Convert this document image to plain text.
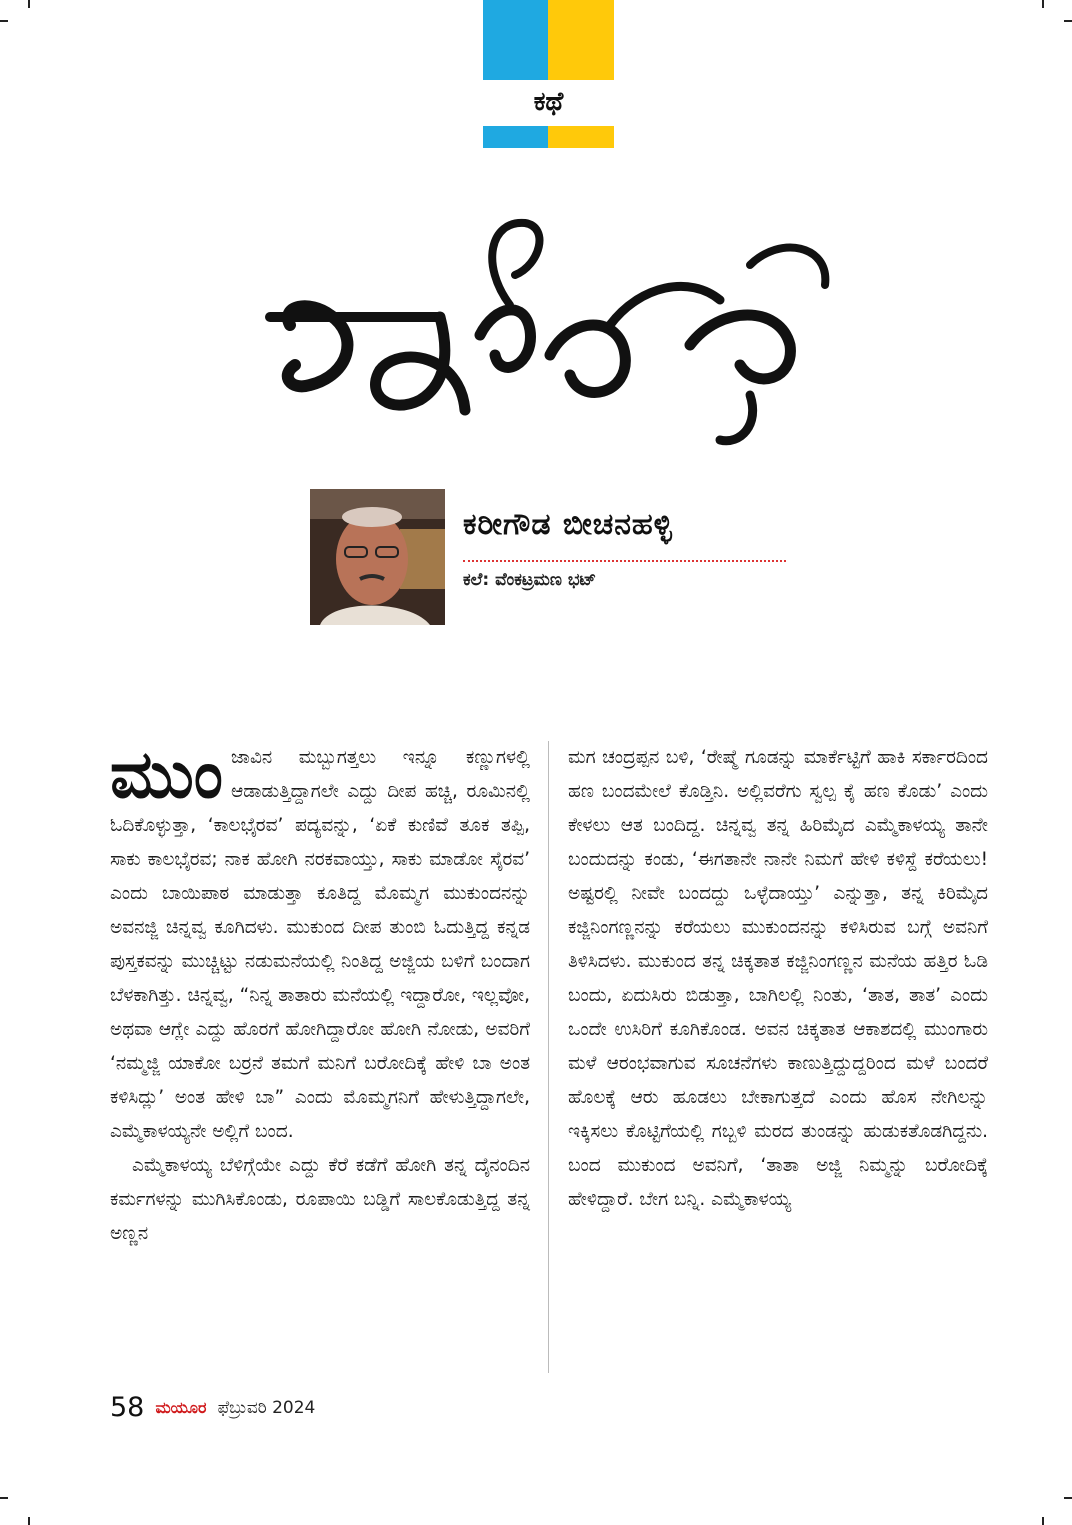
ಕಥೆ
ಕರೀಗೌಡ ಬೀಚನಹಳ್ಳಿ
ಕಲೆ: ವೆಂಕಟ್ರಮಣ ಭಟ್

ಮುಂಜಾವಿನ ಮಬ್ಬುಗತ್ತಲು ಇನ್ನೂ ಕಣ್ಣುಗಳಲ್ಲಿ ಆಡಾಡುತ್ತಿದ್ದಾಗಲೇ ಎದ್ದು ದೀಪ ಹಚ್ಚಿ, ರೂಮಿನಲ್ಲಿ ಓದಿಕೊಳ್ಳುತ್ತಾ, ‘ಕಾಲಭೈರವ’ ಪದ್ಯವನ್ನು, ‘ಏಕೆ ಕುಣಿವೆ ತೂಕ ತಪ್ಪಿ, ಸಾಕು ಕಾಲಭೈರವ; ನಾಕ ಹೋಗಿ ನರಕವಾಯ್ತು, ಸಾಕು ಮಾಡೋ ಸೈರವ’ ಎಂದು ಬಾಯಿಪಾಠ ಮಾಡುತ್ತಾ ಕೂತಿದ್ದ ಮೊಮ್ಮಗ ಮುಕುಂದನನ್ನು ಅವನಜ್ಜಿ ಚಿನ್ನವ್ವ ಕೂಗಿದಳು. ಮುಕುಂದ ದೀಪ ತುಂಬಿ ಓದುತ್ತಿದ್ದ ಕನ್ನಡ ಪುಸ್ತಕವನ್ನು ಮುಚ್ಚಿಟ್ಟು ನಡುಮನೆಯಲ್ಲಿ ನಿಂತಿದ್ದ ಅಜ್ಜಿಯ ಬಳಿಗೆ ಬಂದಾಗ ಬೆಳಕಾಗಿತ್ತು. ಚಿನ್ನವ್ವ, “ನಿನ್ನ ತಾತಾರು ಮನೆಯಲ್ಲಿ ಇದ್ದಾರೋ, ಇಲ್ಲವೋ, ಅಥವಾ ಆಗ್ಲೇ ಎದ್ದು ಹೊರಗೆ ಹೋಗಿದ್ದಾರೋ ಹೋಗಿ ನೋಡು, ಅವರಿಗೆ ‘ನಮ್ಮಜ್ಜಿ ಯಾಕೋ ಬರ್ರನೆ ತಮಗೆ ಮನಿಗೆ ಬರೋದಿಕ್ಕೆ ಹೇಳಿ ಬಾ ಅಂತ ಕಳಿಸಿದ್ಲು’ ಅಂತ ಹೇಳಿ ಬಾ” ಎಂದು ಮೊಮ್ಮಗನಿಗೆ ಹೇಳುತ್ತಿದ್ದಾಗಲೇ, ಎಮ್ಮೆಕಾಳಯ್ಯನೇ ಅಲ್ಲಿಗೆ ಬಂದ.

ಎಮ್ಮೆಕಾಳಯ್ಯ ಬೆಳಿಗ್ಗೆಯೇ ಎದ್ದು ಕೆರೆ ಕಡೆಗೆ ಹೋಗಿ ತನ್ನ ದೈನಂದಿನ ಕರ್ಮಗಳನ್ನು ಮುಗಿಸಿಕೊಂಡು, ರೂಪಾಯಿ ಬಡ್ಡಿಗೆ ಸಾಲಕೊಡುತ್ತಿದ್ದ ತನ್ನ ಅಣ್ಣನ

ಮಗ ಚಂದ್ರಪ್ಪನ ಬಳಿ, ‘ರೇಷ್ಮೆ ಗೂಡನ್ನು ಮಾರ್ಕೆಟ್ಟಿಗೆ ಹಾಕಿ ಸರ್ಕಾರದಿಂದ ಹಣ ಬಂದಮೇಲೆ ಕೊಡ್ತಿನಿ. ಅಲ್ಲಿವರೆಗು ಸ್ವಲ್ಪ ಕೈ ಹಣ ಕೊಡು’ ಎಂದು ಕೇಳಲು ಆತ ಬಂದಿದ್ದ. ಚಿನ್ನವ್ವ ತನ್ನ ಹಿರಿಮೈದ ಎಮ್ಮೆಕಾಳಯ್ಯ ತಾನೇ ಬಂದುದನ್ನು ಕಂಡು, ‘ಈಗತಾನೇ ನಾನೇ ನಿಮಗೆ ಹೇಳಿ ಕಳಿಸ್ದೆ ಕರೆಯಲು! ಅಷ್ಟರಲ್ಲಿ ನೀವೇ ಬಂದದ್ದು ಒಳ್ಳೆದಾಯ್ತು’ ಎನ್ನುತ್ತಾ, ತನ್ನ ಕಿರಿಮೈದ ಕಜ್ಜಿನಿಂಗಣ್ಣನನ್ನು ಕರೆಯಲು ಮುಕುಂದನನ್ನು ಕಳಿಸಿರುವ ಬಗ್ಗೆ ಅವನಿಗೆ ತಿಳಿಸಿದಳು. ಮುಕುಂದ ತನ್ನ ಚಿಕ್ಕತಾತ ಕಜ್ಜಿನಿಂಗಣ್ಣನ ಮನೆಯ ಹತ್ತಿರ ಓಡಿ ಬಂದು, ಏದುಸಿರು ಬಿಡುತ್ತಾ, ಬಾಗಿಲಲ್ಲಿ ನಿಂತು, ‘ತಾತ, ತಾತ’ ಎಂದು ಒಂದೇ ಉಸಿರಿಗೆ ಕೂಗಿಕೊಂಡ. ಅವನ ಚಿಕ್ಕತಾತ ಆಕಾಶದಲ್ಲಿ ಮುಂಗಾರು ಮಳೆ ಆರಂಭವಾಗುವ ಸೂಚನೆಗಳು ಕಾಣುತ್ತಿದ್ದುದ್ದರಿಂದ ಮಳೆ ಬಂದರೆ ಹೊಲಕ್ಕೆ ಆರು ಹೂಡಲು ಬೇಕಾಗುತ್ತದೆ ಎಂದು ಹೊಸ ನೇಗಿಲನ್ನು ಇಕ್ಕಿಸಲು ಕೊಟ್ಟಿಗೆಯಲ್ಲಿ ಗಬ್ಬಳಿ ಮರದ ತುಂಡನ್ನು ಹುಡುಕತೊಡಗಿದ್ದನು. ಬಂದ ಮುಕುಂದ ಅವನಿಗೆ, ‘ತಾತಾ ಅಜ್ಜಿ ನಿಮ್ಮನ್ನು ಬರೋದಿಕ್ಕೆ ಹೇಳಿದ್ದಾರೆ. ಬೇಗ ಬನ್ನಿ. ಎಮ್ಮೆಕಾಳಯ್ಯ

58 ಮಯೂರ ಫೆಬ್ರುವರಿ 2024
